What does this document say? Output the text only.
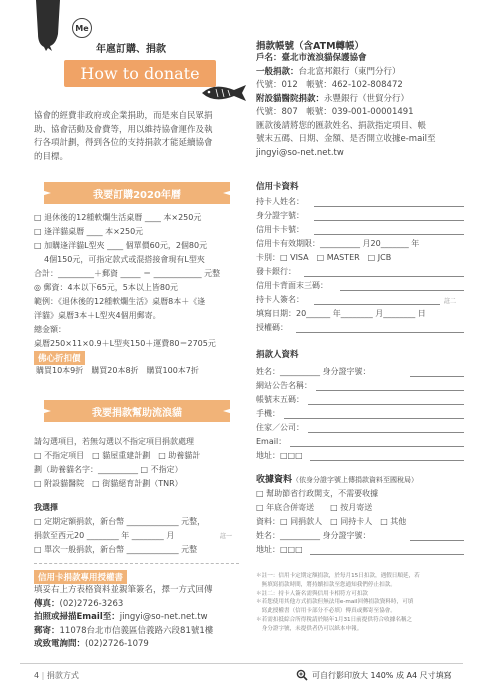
Me
年扈訂購、捐款
How to donate
協會的經費非政府或企業捐助，而是來自民眾捐
助、協會活動及會費等，用以維持協會運作及執
行各項計劃，得到各位的支持捐款才能延續協會
的目標。
捐款帳號（含ATM轉帳）
戶名：臺北市流浪貓保護協會
一般捐款：台北富邦銀行（東門分行）
代號：012　帳號：462-102-808472
附設貓醫院捐款：永豐銀行（世貿分行）
代號：807　帳號：039-001-00001491
匯款後請將您的匯款姓名、捐款指定項目、帳
號末五碼、日期、金額、是否開立收據e-mail至
jingyi@so-net.net.tw
我要訂購2020年曆
□ 退休後的12種軟爛生活桌曆 ____ 本×250元
□ 逢洋貓桌曆 ____ 本×250元
□ 加購逢洋貓L型夾 ____ 個單價60元，2個80元
4個150元，可指定款式或混搭接會現有L型夾
合計：_________＋郵資 _____ ＝ ____________ 元整
◎ 郵資：4本以下65元，5本以上皆80元
範例：《退休後的12種軟爛生活》桌曆8本＋《逢
洋貓》桌曆3本＋L型夾4個用郵寄。
總金額：
桌曆250×11×0.9＋L型夾150＋運費80＝2705元
佛心折扣價
購買10本9折　購買20本8折　購買100本7折
我要捐款幫助流浪貓
請勾選項目，若無勾選以不指定項目捐款處理
□ 不指定項目　□ 貓屋重建計劃　□ 助養貓計
劃（助養貓名字：__________ □ 不指定）
□ 附設貓醫院　□ 街貓絕育計劃（TNR）
我選擇
□ 定期定額捐款，新台幣 _____________ 元整，
捐款至西元20 ________ 年 ________ 月	註一
□ 單次一般捐款，新台幣 _____________ 元整
信用卡捐款專用授權書
填妥右上方表格資料並親筆簽名，擇一方式回傳
傳真：(02)2726-3263
拍照或掃描Email至：jingyi@so-net.net.tw
郵寄：11078台北市信義區信義路六段81號1樓
或致電詢問：(02)2726-1079
信用卡資料
持卡人姓名：
身分證字號：
信用卡卡號：
信用卡有效期限：__________ 月20_______ 年
卡別：□ VISA　□ MASTER　□ JCB
發卡銀行：
信用卡背面末三碼：
持卡人簽名：	註二
填寫日期：20______ 年________ 月________ 日
授權碼：
捐款人資料
姓名：__________ 身分證字號：
網站公告名稱：
帳號末五碼：
手機：
住家／公司：
Email：
地址：□□□
收據資料（依身分證字號上傳捐款資料至國稅局）
□ 幫助節省行政開支，不需要收據
□ 年底合併寄送　　□ 按月寄送
資料：□ 同捐款人　□ 同持卡人　□ 其他
姓名：__________ 身分證字號：
地址：□□□
＊註一：信用卡定期定額捐款，於每月15日扣款，遇假日順延，若
　無填寫捐款時間，將持續扣款至您通知我們停止扣款。
＊註二：持卡人簽名需與信用卡相符方可扣款
＊若您使用其他方式捐款但無法用e-mail回傳捐款資料時，可填
　寫此授權書（信用卡部分不必填）傳真或郵寄至協會。
＊若需扣抵綜合所得稅請於隔年1月31日前提供符合收據名稱之
　身分證字號，未提供者仍可以紙本申報。
4 | 捐款方式	可自行影印放大 140% 成 A4 尺寸填寫
